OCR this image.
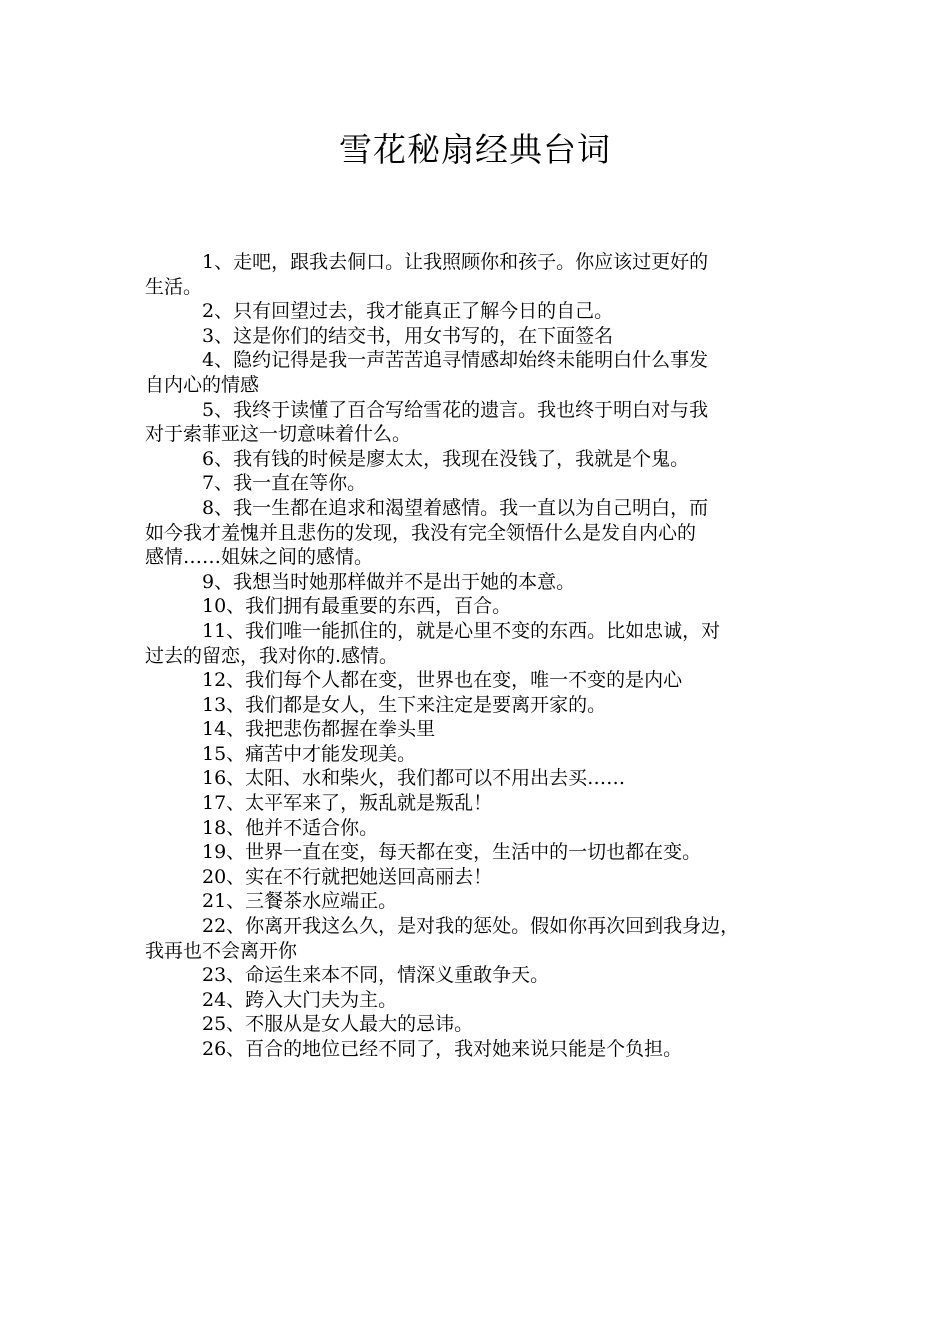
雪花秘扇经典台词
1、走吧，跟我去侗口。让我照顾你和孩子。你应该过更好的
生活。
2、只有回望过去，我才能真正了解今日的自己。
3、这是你们的结交书，用女书写的，在下面签名
4、隐约记得是我一声苦苦追寻情感却始终未能明白什么事发
自内心的情感
5、我终于读懂了百合写给雪花的遗言。我也终于明白对与我
对于索菲亚这一切意味着什么。
6、我有钱的时候是廖太太，我现在没钱了，我就是个鬼。
7、我一直在等你。
8、我一生都在追求和渴望着感情。我一直以为自己明白，而
如今我才羞愧并且悲伤的发现，我没有完全领悟什么是发自内心的
感情……姐妹之间的感情。
9、我想当时她那样做并不是出于她的本意。
10、我们拥有最重要的东西，百合。
11、我们唯一能抓住的，就是心里不变的东西。比如忠诚，对
过去的留恋，我对你的.感情。
12、我们每个人都在变，世界也在变，唯一不变的是内心
13、我们都是女人，生下来注定是要离开家的。
14、我把悲伤都握在拳头里
15、痛苦中才能发现美。
16、太阳、水和柴火，我们都可以不用出去买……
17、太平军来了，叛乱就是叛乱！
18、他并不适合你。
19、世界一直在变，每天都在变，生活中的一切也都在变。
20、实在不行就把她送回高丽去！
21、三餐茶水应端正。
22、你离开我这么久，是对我的惩处。假如你再次回到我身边，
我再也不会离开你
23、命运生来本不同，情深义重敢争天。
24、跨入大门夫为主。
25、不服从是女人最大的忌讳。
26、百合的地位已经不同了，我对她来说只能是个负担。
